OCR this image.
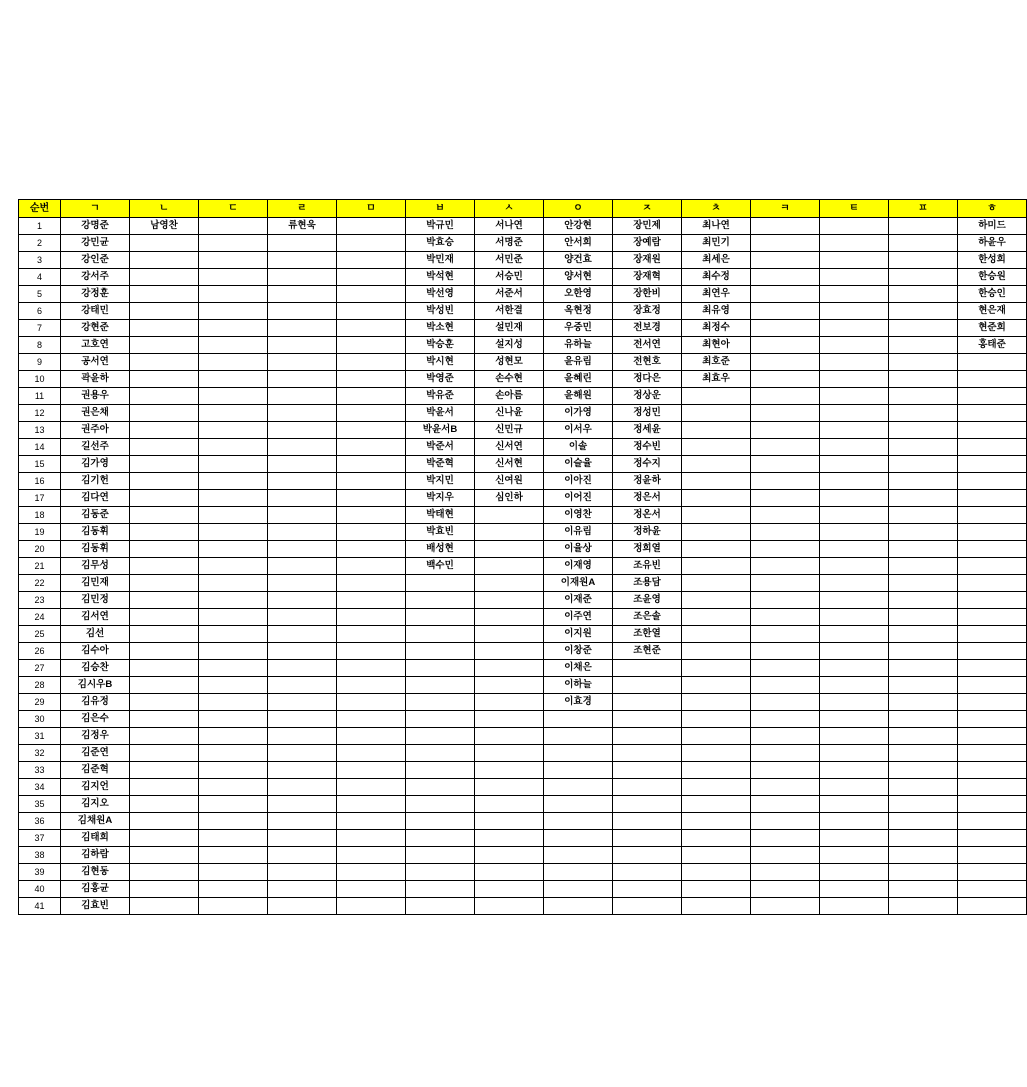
순번	ㄱ	ㄴ	ㄷ	ㄹ	ㅁ	ㅂ	ㅅ	ㅇ	ㅈ	ㅊ	ㅋ	ㅌ	ㅍ	ㅎ
1	강명준	남영찬		류현욱		박규민	서나연	안강현	장민제	최나연				하미드
2	강민균					박효승	서명준	안서희	장예람	최민기				하윤우
3	강인준					박민재	서민준	양건효	장재원	최세은				한성희
4	강서주					박석현	서승민	양서현	장재혁	최수정				한승원
5	강정훈					박선영	서준서	오한영	장한비	최연우				한승인
6	강태민					박성빈	서한결	옥현정	장효정	최유영				현은재
7	강현준					박소현	설민재	우중민	전보경	최정수				현준희
8	고호연					박승훈	설지성	유하늘	전서연	최현아				홍태준
9	공서연					박시현	성현모	윤유림	전현호	최호준				
10	곽윤하					박영준	손수현	윤혜린	정다은	최효우				
11	권용우					박유준	손아름	윤해원	정상운					
12	권은채					박윤서	신나윤	이가영	정성민					
13	권주아					박윤서B	신민규	이서우	정세윤					
14	길선주					박준서	신서연	이솔	정수빈					
15	김가영					박준혁	신서현	이슬율	정수지					
16	김기헌					박지민	신여원	이아진	정윤하					
17	김다연					박지우	심인하	이어진	정은서					
18	김동준					박태현		이영찬	정온서					
19	김동휘					박효빈		이유림	정하윤					
20	김동휘					배성현		이율상	정희열					
21	김무성					백수민		이재영	조유빈					
22	김민재							이재원A	조용담					
23	김민정							이재준	조윤영					
24	김서연							이주연	조은솔					
25	김선							이지원	조한열					
26	김수아							이창준	조현준					
27	김승찬							이채은						
28	김시우B							이하늘						
29	김유정							이효경						
30	김은수													
31	김정우													
32	김준연													
33	김준혁													
34	김지언													
35	김지오													
36	김채원A													
37	김태희													
38	김하람													
39	김현동													
40	김홍균													
41	김효빈													
